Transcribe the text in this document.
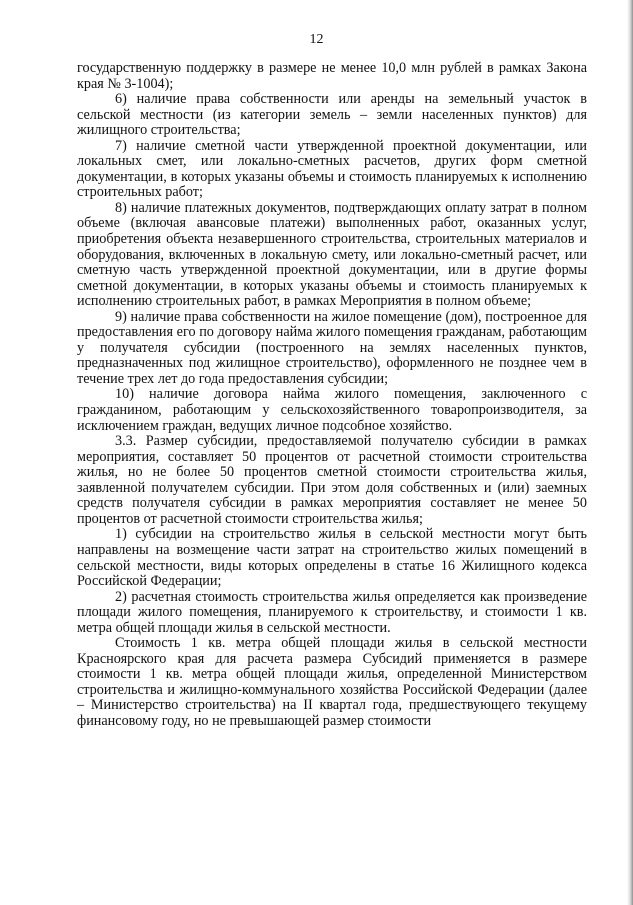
12

государственную поддержку в размере не менее 10,0 млн рублей в рамках Закона края № 3-1004);

6) наличие права собственности или аренды на земельный участок в сельской местности (из категории земель – земли населенных пунктов) для жилищного строительства;

7) наличие сметной части утвержденной проектной документации, или локальных смет, или локально-сметных расчетов, других форм сметной документации, в которых указаны объемы и стоимость планируемых к исполнению строительных работ;

8) наличие платежных документов, подтверждающих оплату затрат в полном объеме (включая авансовые платежи) выполненных работ, оказанных услуг, приобретения объекта незавершенного строительства, строительных материалов и оборудования, включенных в локальную смету, или локально-сметный расчет, или сметную часть утвержденной проектной документации, или в другие формы сметной документации, в которых указаны объемы и стоимость планируемых к исполнению строительных работ, в рамках Мероприятия в полном объеме;

9) наличие права собственности на жилое помещение (дом), построенное для предоставления его по договору найма жилого помещения гражданам, работающим у получателя субсидии (построенного на землях населенных пунктов, предназначенных под жилищное строительство), оформленного не позднее чем в течение трех лет до года предоставления субсидии;

10) наличие договора найма жилого помещения, заключенного с гражданином, работающим у сельскохозяйственного товаропроизводителя, за исключением граждан, ведущих личное подсобное хозяйство.

3.3. Размер субсидии, предоставляемой получателю субсидии в рамках мероприятия, составляет 50 процентов от расчетной стоимости строительства жилья, но не более 50 процентов сметной стоимости строительства жилья, заявленной получателем субсидии. При этом доля собственных и (или) заемных средств получателя субсидии в рамках мероприятия составляет не менее 50 процентов от расчетной стоимости строительства жилья;

1) субсидии на строительство жилья в сельской местности могут быть направлены на возмещение части затрат на строительство жилых помещений в сельской местности, виды которых определены в статье 16 Жилищного кодекса Российской Федерации;

2) расчетная стоимость строительства жилья определяется как произведение площади жилого помещения, планируемого к строительству, и стоимости 1 кв. метра общей площади жилья в сельской местности.

Стоимость 1 кв. метра общей площади жилья в сельской местности Красноярского края для расчета размера Субсидий применяется в размере стоимости 1 кв. метра общей площади жилья, определенной Министерством строительства и жилищно-коммунального хозяйства Российской Федерации (далее – Министерство строительства) на II квартал года, предшествующего текущему финансовому году, но не превышающей размер стоимости
